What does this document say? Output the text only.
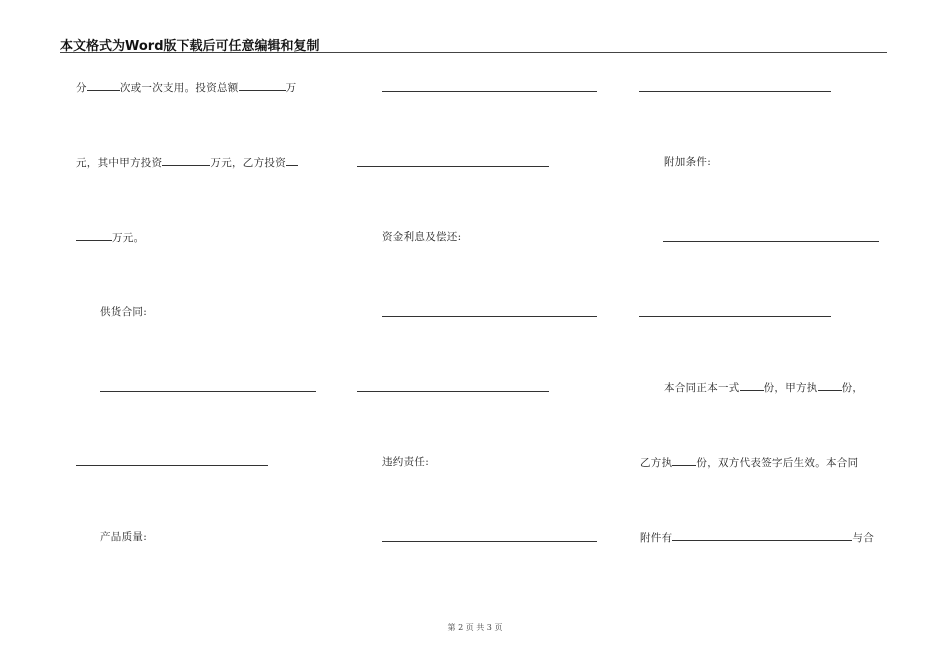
本文格式为Word版下载后可任意编辑和复制
分	次或一次支用。投资总额	万
元，其中甲方投资	万元，乙方投资
万元。
供货合同:
产品质量:
资金利息及偿还:
违约责任:
附加条件:
本合同正本一式 份，甲方执 份，
乙方执 份，双方代表签字后生效。本合同
附件有	与合
第 2 页 共 3 页
